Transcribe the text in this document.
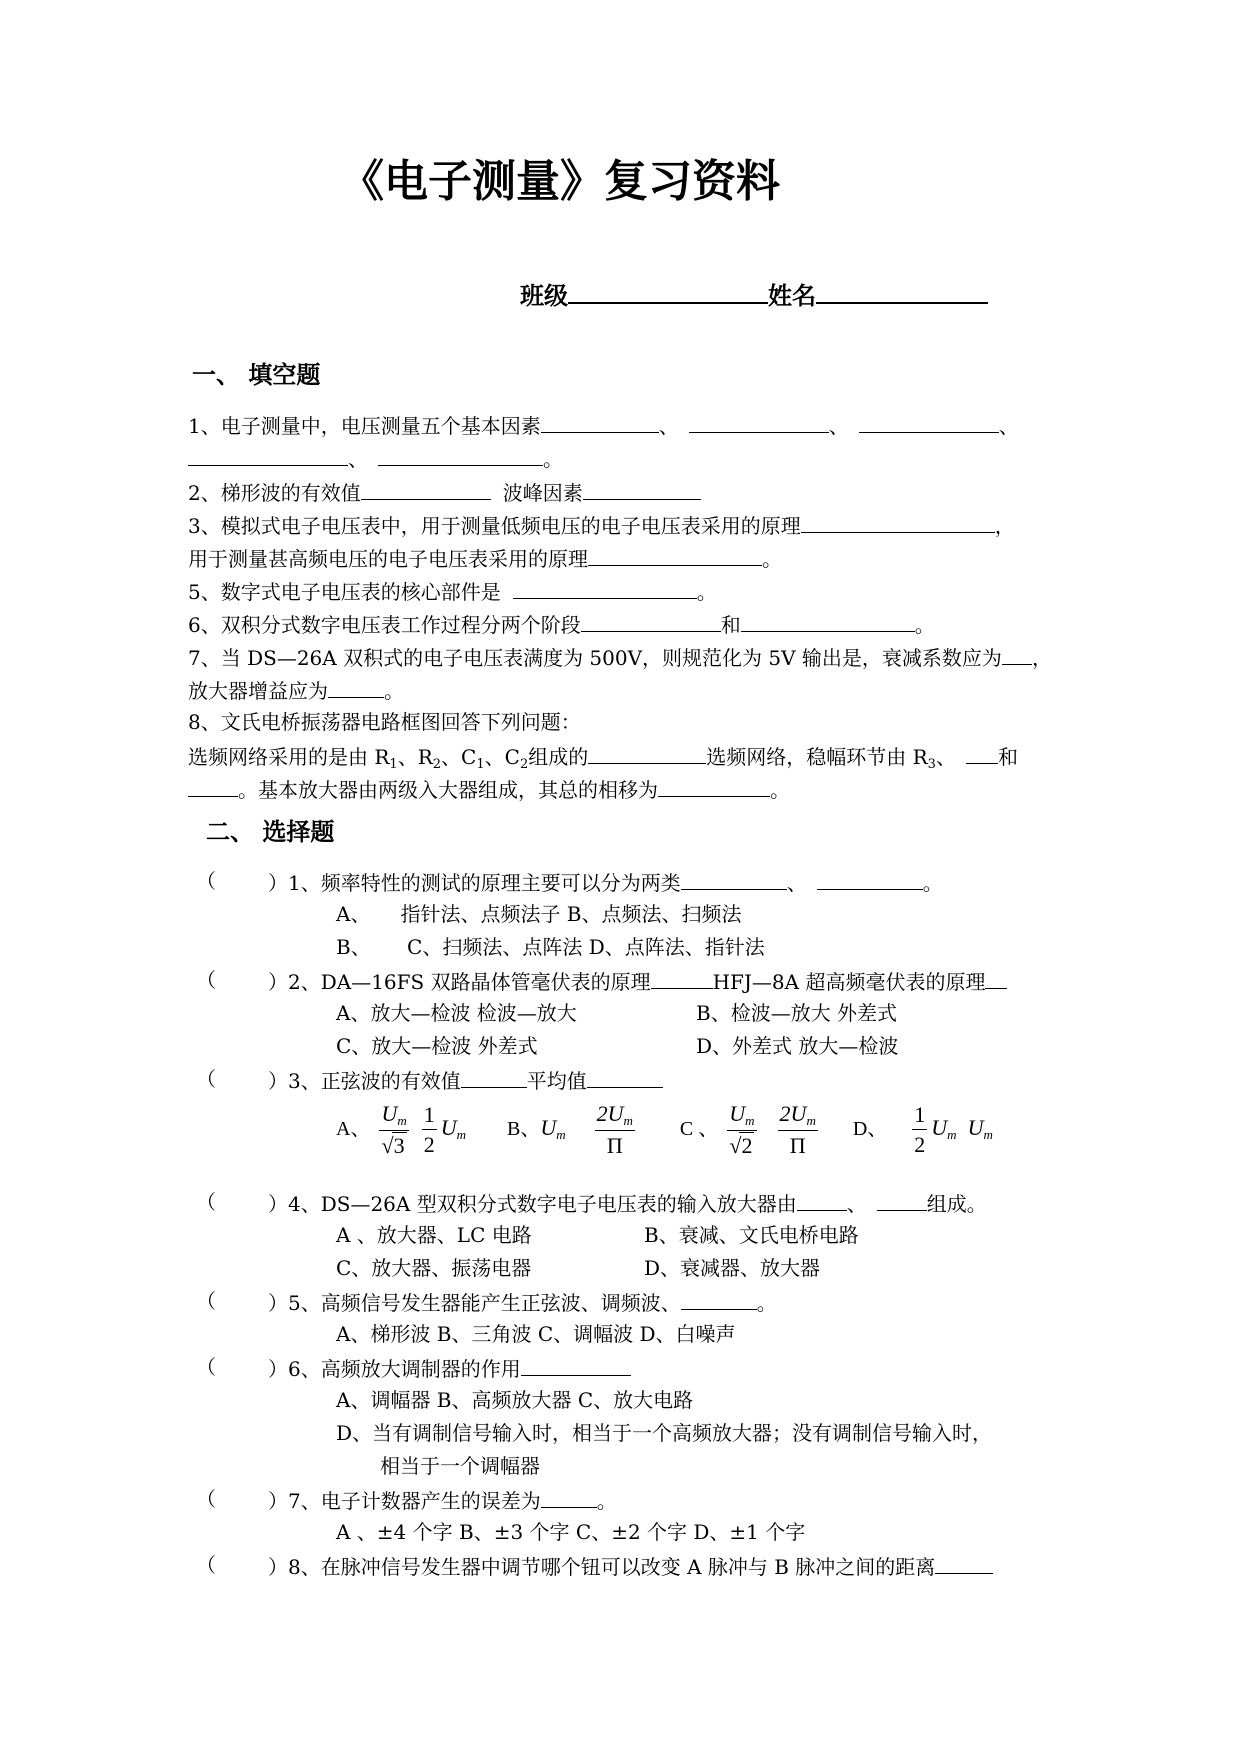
《电子测量》复习资料
班级	姓名
一、 填空题
1、电子测量中，电压测量五个基本因素	、	、	、
、	。
2、梯形波的有效值	波峰因素
3、模拟式电子电压表中，用于测量低频电压的电子电压表采用的原理	，
用于测量甚高频电压的电子电压表采用的原理	。
5、数字式电子电压表的核心部件是	。
6、双积分式数字电压表工作过程分两个阶段	和	。
7、当 DS—26A 双积式的电子电压表满度为 500V，则规范化为 5V 输出是，衰减系数应为 ，
放大器增益应为	。
8、文氏电桥振荡器电路框图回答下列问题：
选频网络采用的是由 $R_1$、$R_2$、$C_1$、$C_2$组成的	选频网络，稳幅环节由 $R_3$、 和
。基本放大器由两级入大器组成，其总的相移为	。
二、 选择题
（	）1、频率特性的测试的原理主要可以分为两类	、	。
A、　　指针法、点频法子 B、点频法、扫频法
B、　　 C、扫频法、点阵法 D、点阵法、指针法
（	）2、DA—16FS 双路晶体管毫伏表的原理	HFJ—8A 超高频毫伏表的原理
A、放大—检波 检波—放大	B、检波—放大 外差式
C、放大—检波 外差式	D、外差式 放大—检波
（	）3、正弦波的有效值	平均值
A、 $\frac{U_m}{√3}$
$\frac{1}{2} U_m$ B、$U_m \frac{2U_m}{\Pi}$ C 、 $\frac{U_m}{√2}$
$\frac{2U_m}{\Pi}$ D、 $\frac{1}{2} U_m$ $U_m$
（	）4、DS—26A 型双积分式数字电子电压表的输入放大器由	、	组成。
A 、放大器、LC 电路	B、衰减、文氏电桥电路
C、放大器、振荡电器	D、衰减器、放大器
（	）5、高频信号发生器能产生正弦波、调频波、	。
A、梯形波 B、三角波 C、调幅波 D、白噪声
（	）6、高频放大调制器的作用
A、调幅器 B、高频放大器 C、放大电路
D、当有调制信号输入时，相当于一个高频放大器；没有调制信号输入时，
相当于一个调幅器
（	）7、电子计数器产生的误差为	。
A 、±4 个字 B、±3 个字 C、±2 个字 D、±1 个字
（	）8、在脉冲信号发生器中调节哪个钮可以改变 A 脉冲与 B 脉冲之间的距离
